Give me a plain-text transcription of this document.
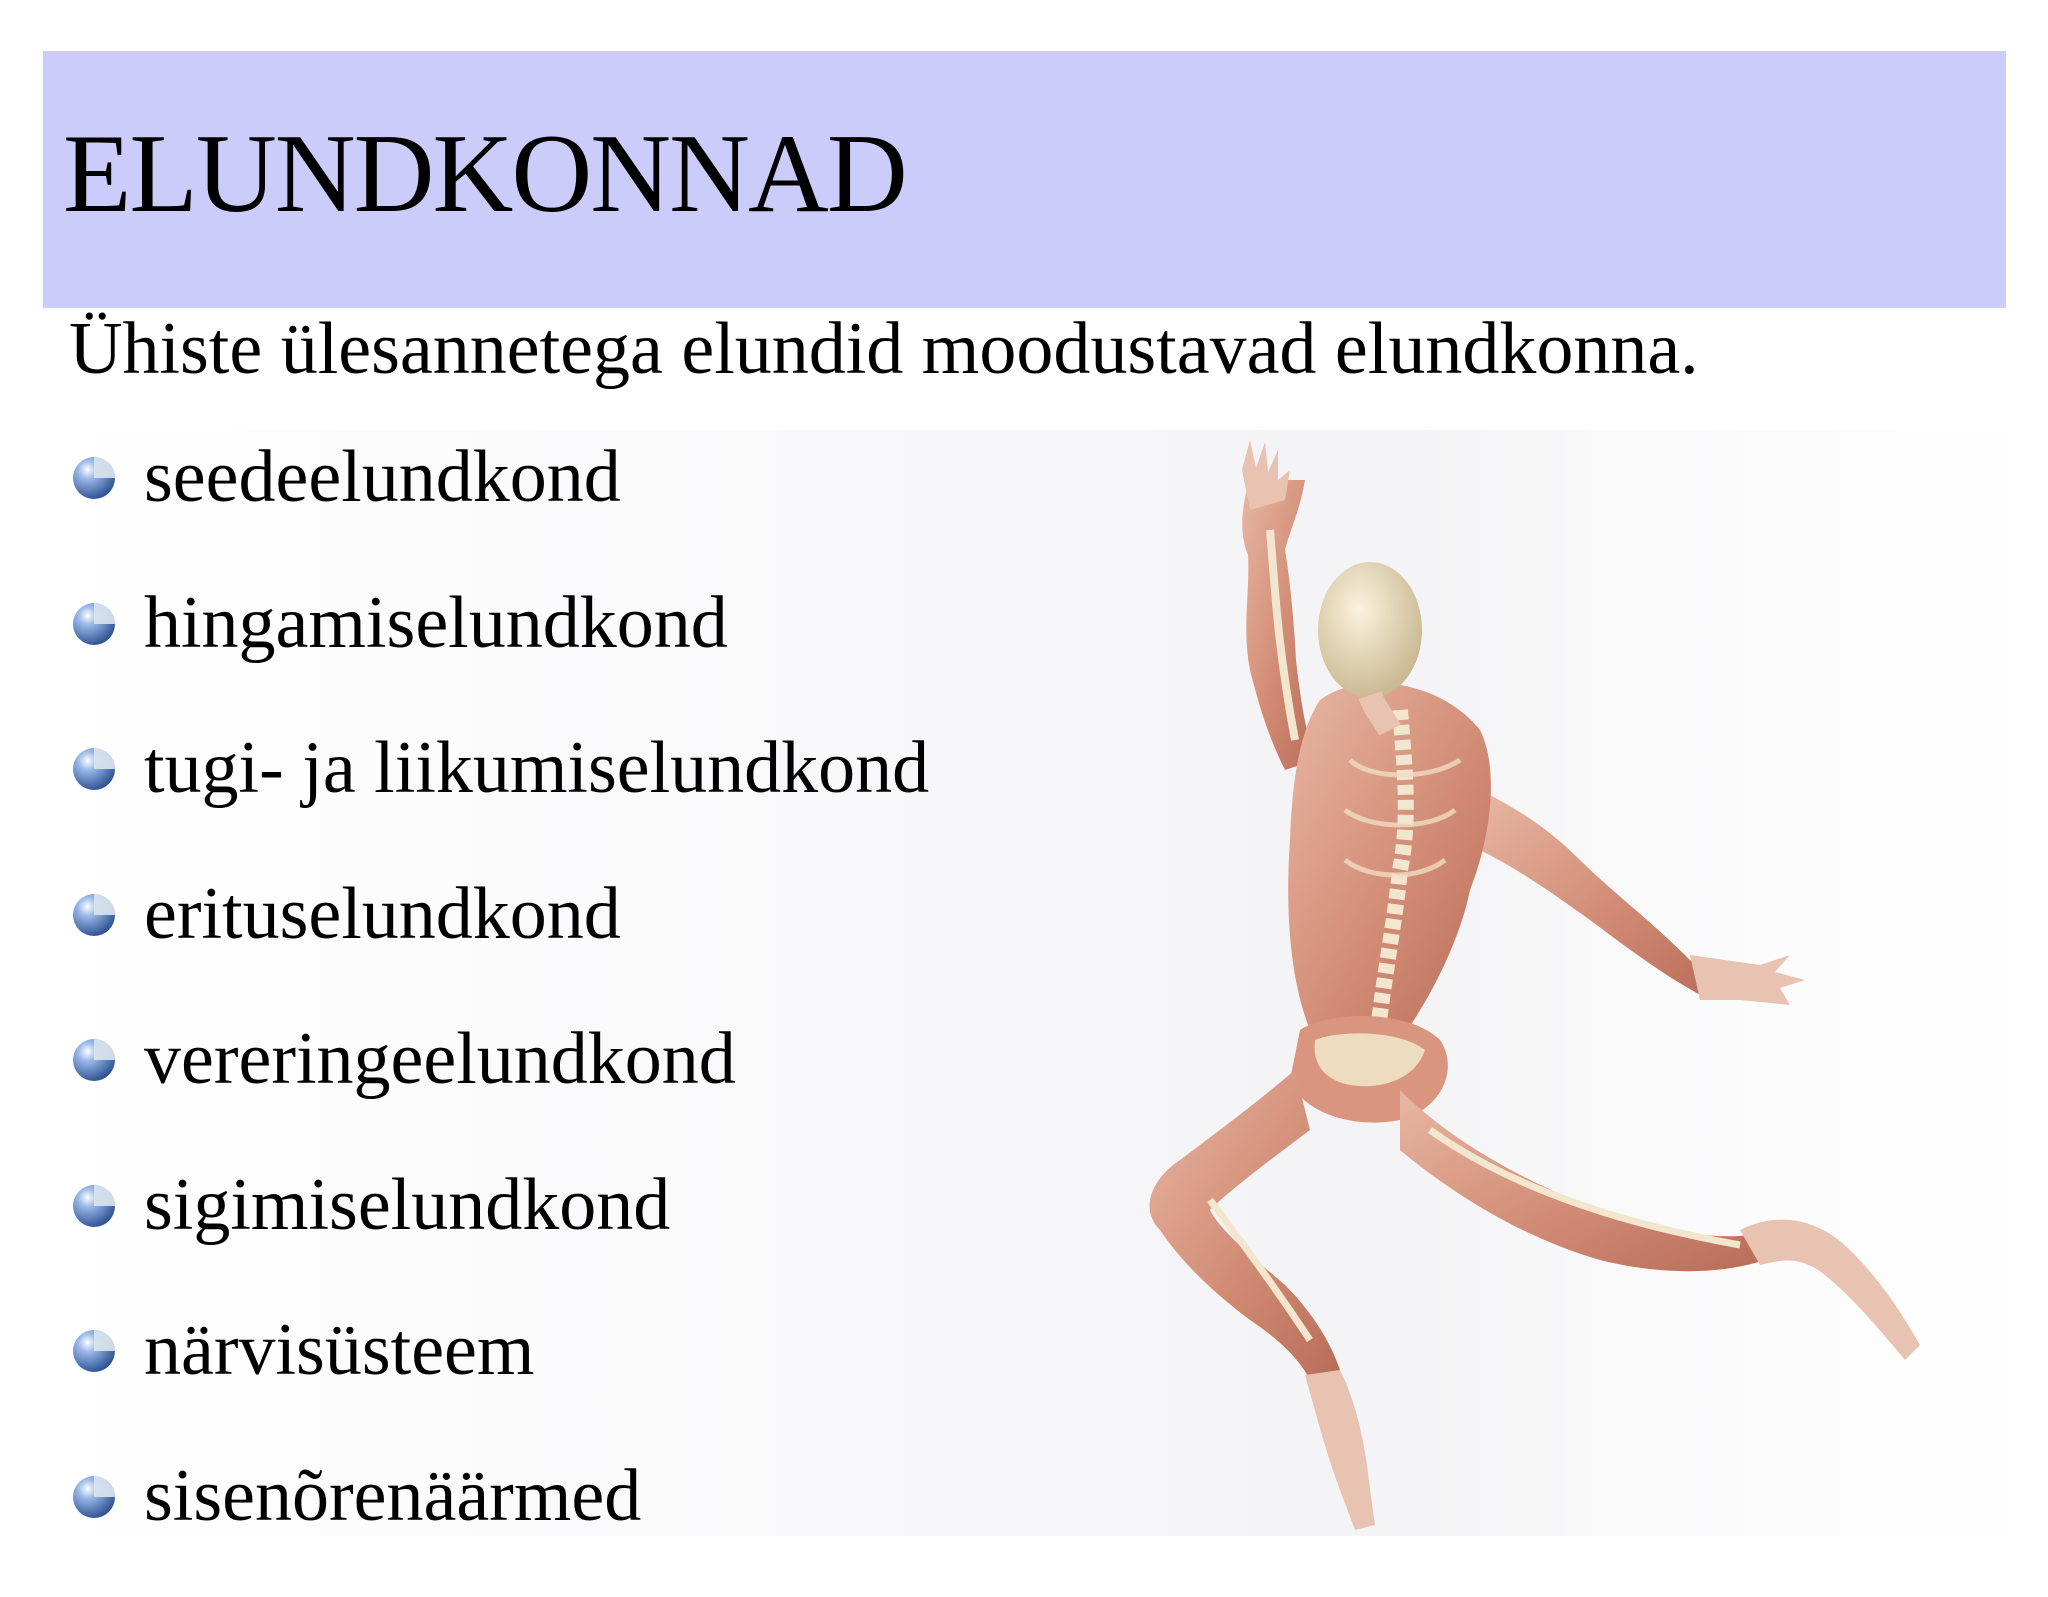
ELUNDKONNAD

Ühiste ülesannetega elundid moodustavad elundkonna.

seedeelundkond
hingamiselundkond
tugi- ja liikumiselundkond
erituselundkond
vereringeelundkond
sigimiselundkond
närvisüsteem
sisenõrenäärmed
